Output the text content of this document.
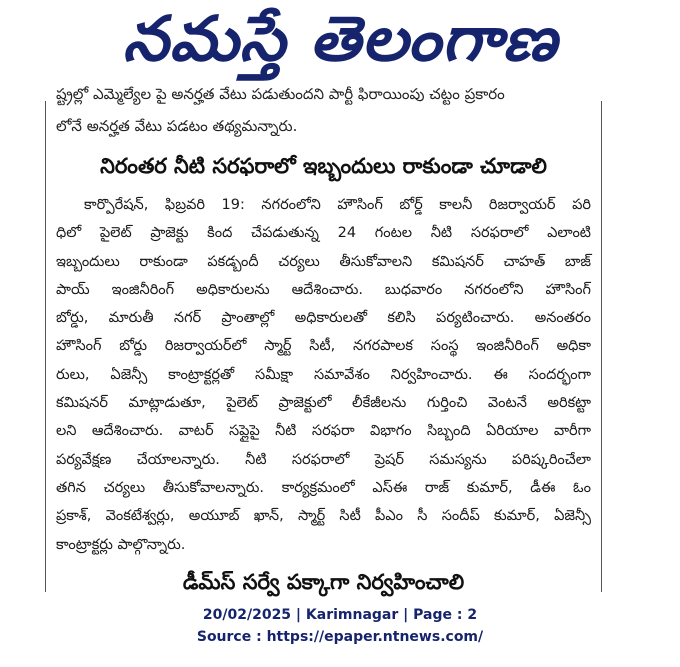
నమస్తే తెలంగాణ
ష్ట్రల్లో ఎమ్మెల్యేల పై అనర్హత వేటు పడుతుందని పార్టీ ఫిరాయింపు చట్టం ప్రకారం
లోనే అనర్హత వేటు పడటం తథ్యమన్నారు.
నిరంతర నీటి సరఫరాలో ఇబ్బందులు రాకుండా చూడాలి
కార్పొరేషన్, ఫిబ్రవరి 19: నగరంలోని హౌసింగ్ బోర్డ్ కాలనీ రిజర్వాయర్ పరి
ధిలో పైలెట్ ప్రాజెక్టు కింద చేపడుతున్న 24 గంటల నీటి సరఫరాలో ఎలాంటి
ఇబ్బందులు రాకుండా పకడ్బందీ చర్యలు తీసుకోవాలని కమిషనర్ చాహత్ బాజ్
పాయ్ ఇంజినీరింగ్ అధికారులను ఆదేశించారు. బుధవారం నగరంలోని హౌసింగ్
బోర్డు, మారుతీ నగర్ ప్రాంతాల్లో అధికారులతో కలిసి పర్యటించారు. అనంతరం
హౌసింగ్ బోర్డు రిజర్వాయర్‌లో స్మార్ట్ సిటీ, నగరపాలక సంస్థ ఇంజినీరింగ్ అధికా
రులు, ఏజెన్సీ కాంట్రాక్టర్లతో సమీక్షా సమావేశం నిర్వహించారు. ఈ సందర్భంగా
కమిషనర్ మాట్లాడుతూ, పైలెట్ ప్రాజెక్టులో లీకేజీలను గుర్తించి వెంటనే అరికట్టా
లని ఆదేశించారు. వాటర్ సప్లైపై నీటి సరఫరా విభాగం సిబ్బంది ఏరియాల వారీగా
పర్యవేక్షణ చేయాలన్నారు. నీటి సరఫరాలో ప్రెషర్ సమస్యను పరిష్కరించేలా
తగిన చర్యలు తీసుకోవాలన్నారు. కార్యక్రమంలో ఎస్ఈ రాజ్ కుమార్, డీఈ ఓం
ప్రకాశ్, వెంకటేశ్వర్లు, అయూబ్ ఖాన్, స్మార్ట్ సిటీ పీఎం సీ సందీప్ కుమార్, ఏజెన్సీ
కాంట్రాక్టర్లు పాల్గొన్నారు.
డీమ్‌స్ సర్వే పక్కాగా నిర్వహించాలి
20/02/2025 | Karimnagar | Page : 2
Source : https://epaper.ntnews.com/
